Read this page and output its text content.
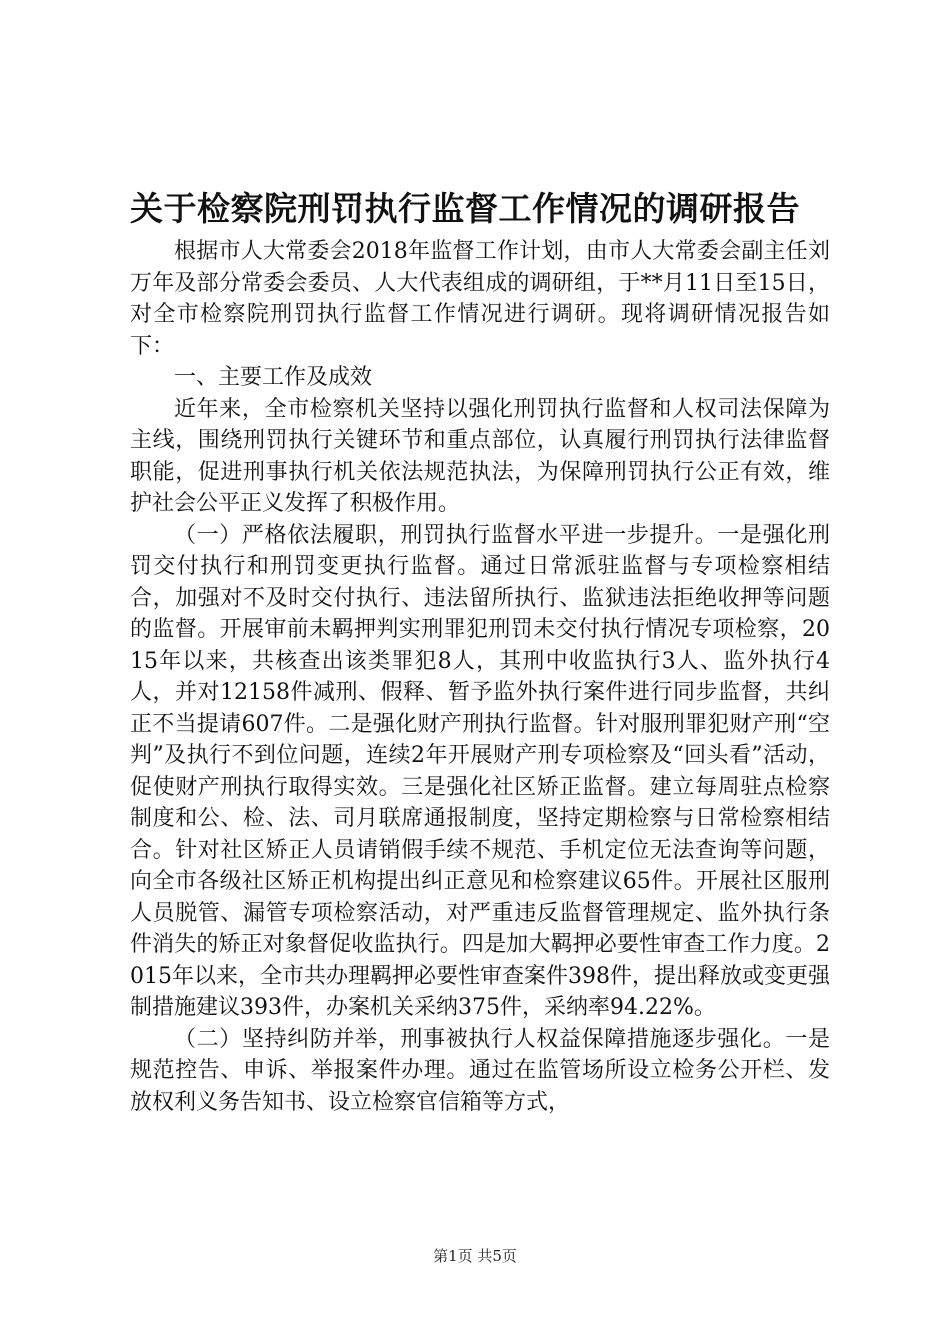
关于检察院刑罚执行监督工作情况的调研报告

根据市人大常委会2018年监督工作计划，由市人大常委会副主任刘万年及部分常委会委员、人大代表组成的调研组，于**月11日至15日，对全市检察院刑罚执行监督工作情况进行调研。现将调研情况报告如下：

一、主要工作及成效

近年来，全市检察机关坚持以强化刑罚执行监督和人权司法保障为主线，围绕刑罚执行关键环节和重点部位，认真履行刑罚执行法律监督职能，促进刑事执行机关依法规范执法，为保障刑罚执行公正有效，维护社会公平正义发挥了积极作用。

（一）严格依法履职，刑罚执行监督水平进一步提升。一是强化刑罚交付执行和刑罚变更执行监督。通过日常派驻监督与专项检察相结合，加强对不及时交付执行、违法留所执行、监狱违法拒绝收押等问题的监督。开展审前未羁押判实刑罪犯刑罚未交付执行情况专项检察，2015年以来，共核查出该类罪犯8人，其刑中收监执行3人、监外执行4人，并对12158件减刑、假释、暂予监外执行案件进行同步监督，共纠正不当提请607件。二是强化财产刑执行监督。针对服刑罪犯财产刑“空判”及执行不到位问题，连续2年开展财产刑专项检察及“回头看”活动，促使财产刑执行取得实效。三是强化社区矫正监督。建立每周驻点检察制度和公、检、法、司月联席通报制度，坚持定期检察与日常检察相结合。针对社区矫正人员请销假手续不规范、手机定位无法查询等问题，向全市各级社区矫正机构提出纠正意见和检察建议65件。开展社区服刑人员脱管、漏管专项检察活动，对严重违反监督管理规定、监外执行条件消失的矫正对象督促收监执行。四是加大羁押必要性审查工作力度。2015年以来，全市共办理羁押必要性审查案件398件，提出释放或变更强制措施建议393件，办案机关采纳375件，采纳率94.22%。

（二）坚持纠防并举，刑事被执行人权益保障措施逐步强化。一是规范控告、申诉、举报案件办理。通过在监管场所设立检务公开栏、发放权利义务告知书、设立检察官信箱等方式，

第1页 共5页
